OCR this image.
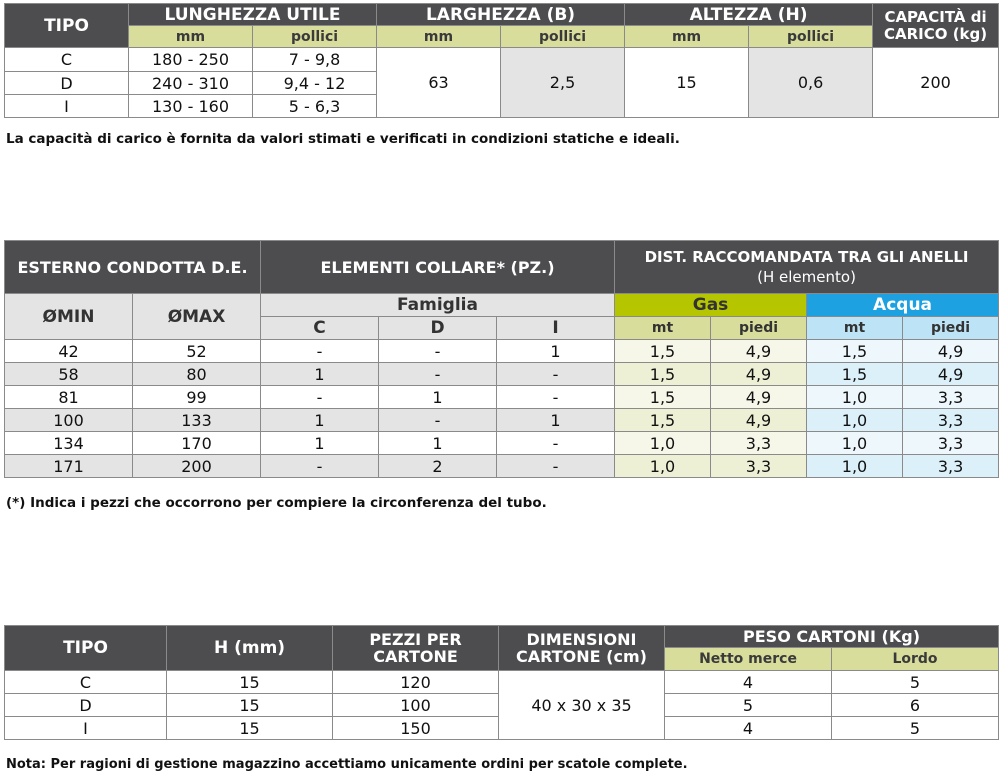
TIPO	LUNGHEZZA UTILE		LARGHEZZA (B)		ALTEZZA (H)		CAPACITÀ di CARICO (kg)

	mm	pollici	mm	pollici	mm	pollici	
C	180 - 250	7 - 9,8	63	2,5	15	0,6	200
D	240 - 310	9,4 - 12					
I	130 - 160	5 - 6,3					
La capacità di carico è fornita da valori stimati e verificati in condizioni statiche e ideali.
ESTERNO CONDOTTA D.E.		ELEMENTI COLLARE* (PZ.)			DIST. RACCOMANDATA TRA GLI ANELLI
(H elemento)			

ØMIN	ØMAX	Famiglia			Gas		Acqua	
		C	D	I	mt	piedi	mt	piedi
42	52	-	-	1	1,5	4,9	1,5	4,9
58	80	1	-	-	1,5	4,9	1,5	4,9
81	99	-	1	-	1,5	4,9	1,0	3,3
100	133	1	-	1	1,5	4,9	1,0	3,3
134	170	1	1	-	1,0	3,3	1,0	3,3
171	200	-	2	-	1,0	3,3	1,0	3,3
(*) Indica i pezzi che occorrono per compiere la circonferenza del tubo.
TIPO	H (mm)	PEZZI PER CARTONE	DIMENSIONI CARTONE (cm)	PESO CARTONI (Kg)	
				Netto merce	Lordo
C	15	120	40 x 30 x 35	4	5
D	15	100		5	6
I	15	150		4	5
Nota: Per ragioni di gestione magazzino accettiamo unicamente ordini per scatole complete.
